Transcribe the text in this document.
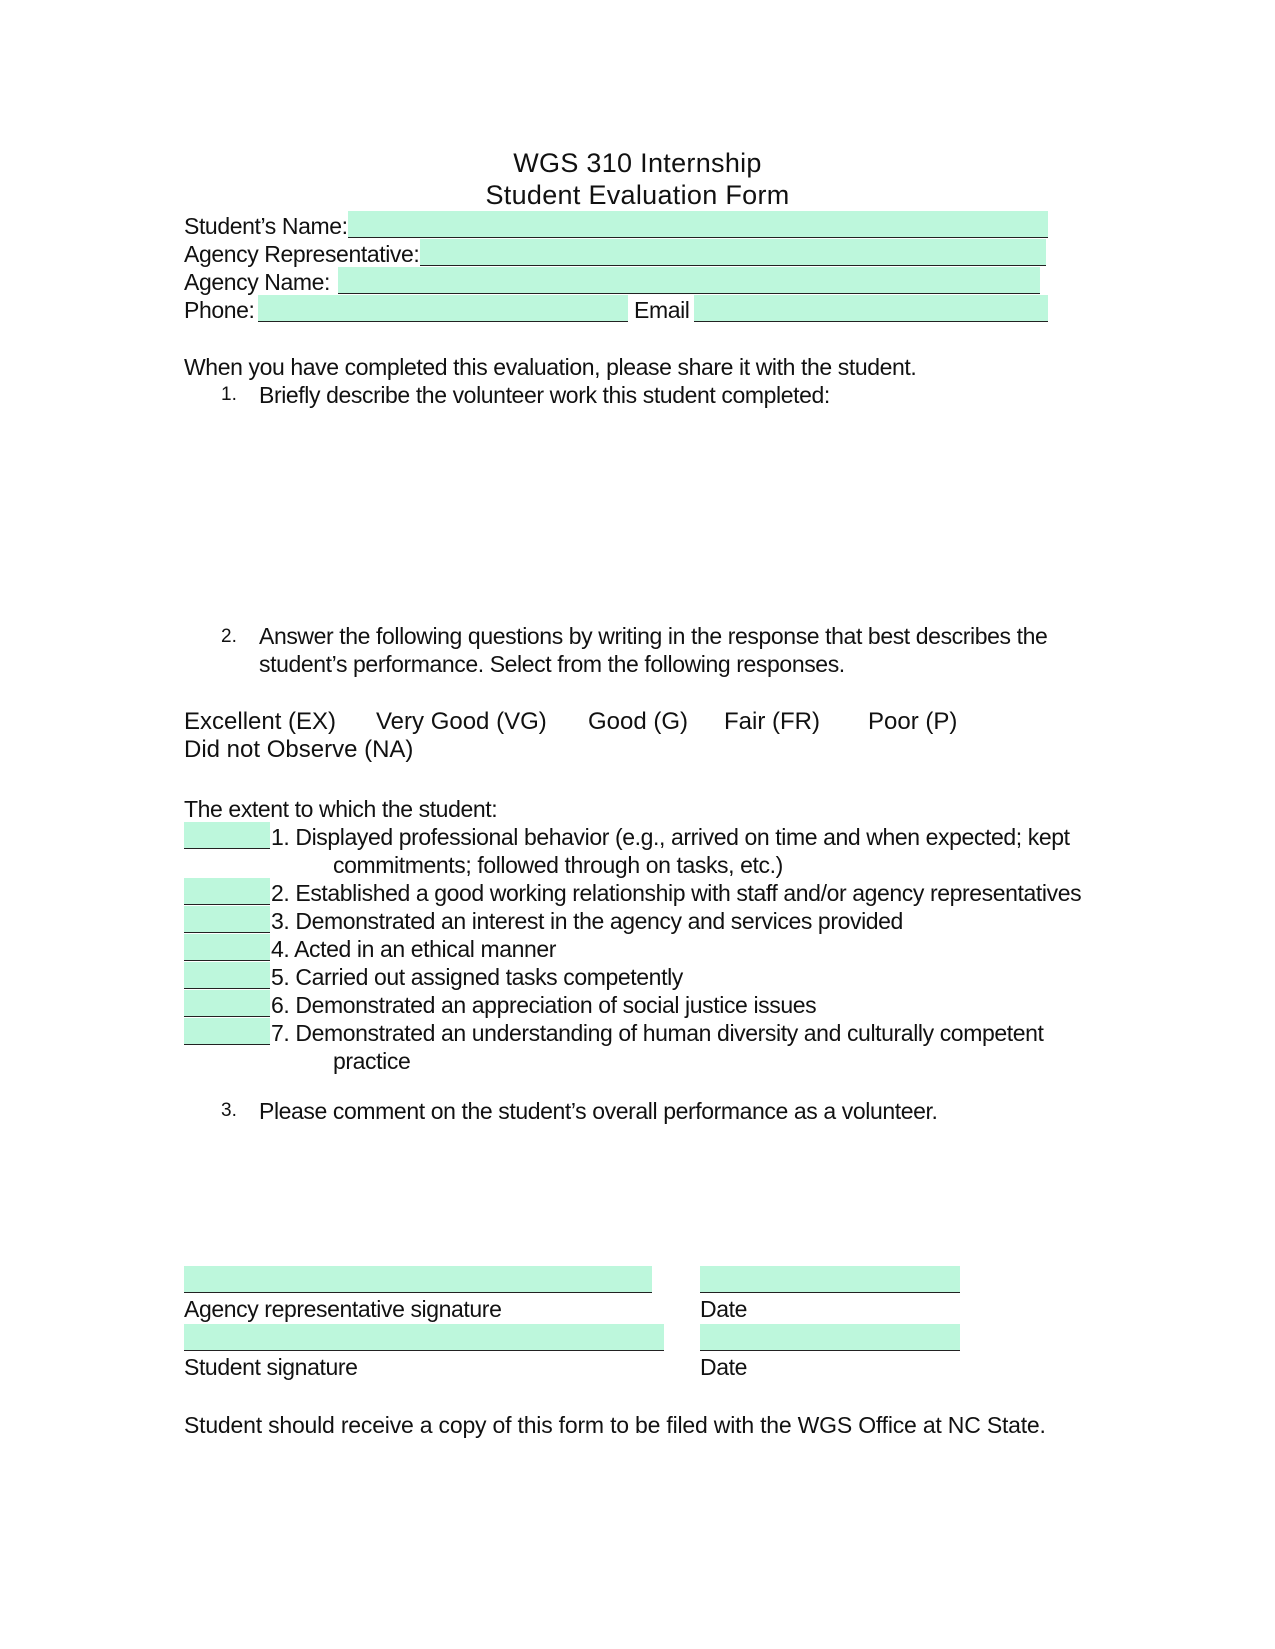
WGS 310 Internship
Student Evaluation Form
Student’s Name:
Agency Representative:
Agency Name:
Phone:	Email
When you have completed this evaluation, please share it with the student.
1. Briefly describe the volunteer work this student completed:
2. Answer the following questions by writing in the response that best describes the
student’s performance. Select from the following responses.
Excellent (EX) Very Good (VG) Good (G) Fair (FR) Poor (P)
Did not Observe (NA)
The extent to which the student:
1. Displayed professional behavior (e.g., arrived on time and when expected; kept
commitments; followed through on tasks, etc.)
2. Established a good working relationship with staff and/or agency representatives
3. Demonstrated an interest in the agency and services provided
4. Acted in an ethical manner
5. Carried out assigned tasks competently
6. Demonstrated an appreciation of social justice issues
7. Demonstrated an understanding of human diversity and culturally competent
practice
3. Please comment on the student’s overall performance as a volunteer.
Agency representative signature	Date
Student signature	Date
Student should receive a copy of this form to be filed with the WGS Office at NC State.
